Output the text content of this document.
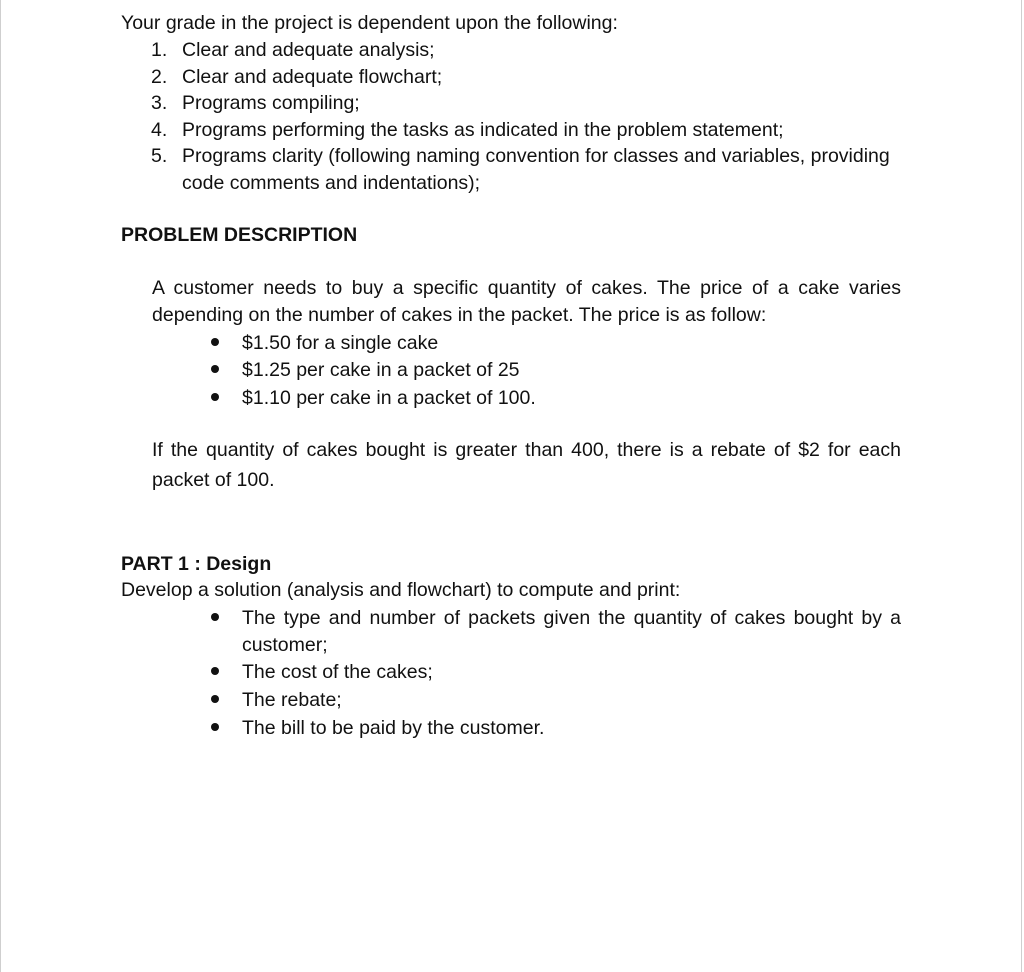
Your grade in the project is dependent upon the following:
1. Clear and adequate analysis;
2. Clear and adequate flowchart;
3. Programs compiling;
4. Programs performing the tasks as indicated in the problem statement;
5. Programs clarity (following naming convention for classes and variables, providing
code comments and indentations);
PROBLEM DESCRIPTION
A customer needs to buy a specific quantity of cakes. The price of a cake varies
depending on the number of cakes in the packet. The price is as follow:
$1.50 for a single cake
$1.25 per cake in a packet of 25
$1.10 per cake in a packet of 100.
If the quantity of cakes bought is greater than 400, there is a rebate of $2 for each
packet of 100.
PART 1 : Design
Develop a solution (analysis and flowchart) to compute and print:
The type and number of packets given the quantity of cakes bought by a
customer;
The cost of the cakes;
The rebate;
The bill to be paid by the customer.
